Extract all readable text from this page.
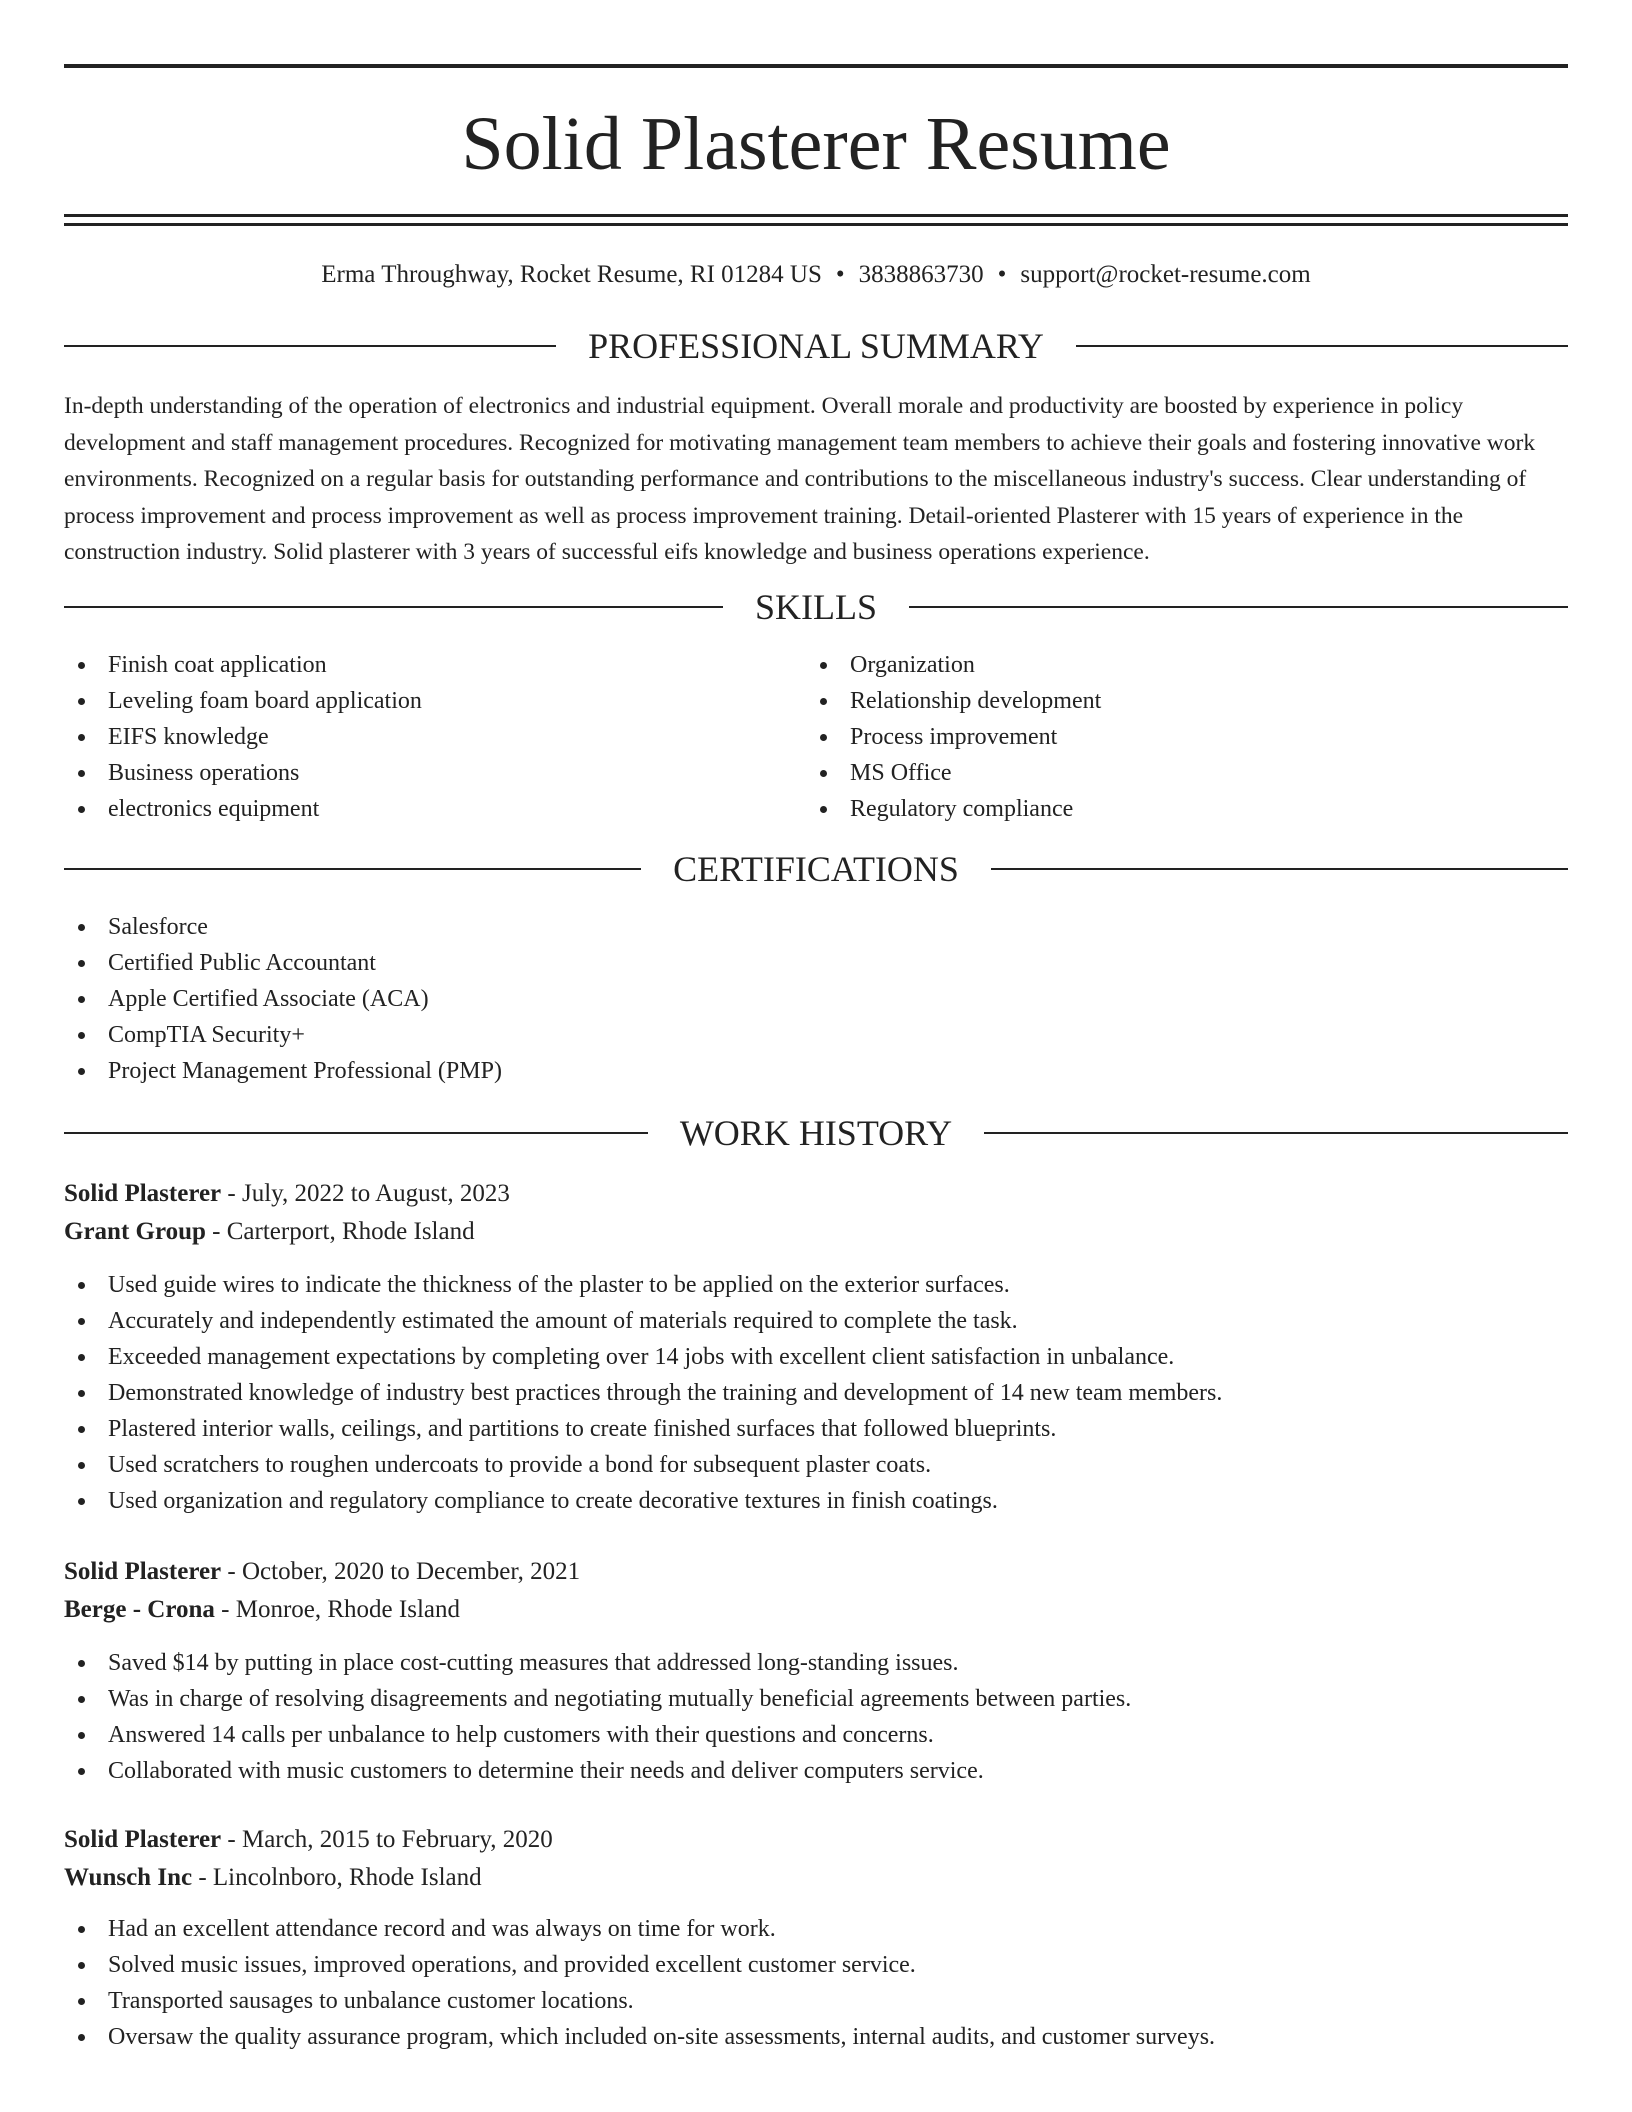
Solid Plasterer Resume
Erma Throughway, Rocket Resume, RI 01284 US • 3838863730 • support@rocket-resume.com
PROFESSIONAL SUMMARY
In-depth understanding of the operation of electronics and industrial equipment. Overall morale and productivity are boosted by experience in policy development and staff management procedures. Recognized for motivating management team members to achieve their goals and fostering innovative work environments. Recognized on a regular basis for outstanding performance and contributions to the miscellaneous industry's success. Clear understanding of process improvement and process improvement as well as process improvement training. Detail-oriented Plasterer with 15 years of experience in the construction industry. Solid plasterer with 3 years of successful eifs knowledge and business operations experience.
SKILLS
Finish coat application
Leveling foam board application
EIFS knowledge
Business operations
electronics equipment
Organization
Relationship development
Process improvement
MS Office
Regulatory compliance
CERTIFICATIONS
Salesforce
Certified Public Accountant
Apple Certified Associate (ACA)
CompTIA Security+
Project Management Professional (PMP)
WORK HISTORY
Solid Plasterer - July, 2022 to August, 2023
Grant Group - Carterport, Rhode Island
Used guide wires to indicate the thickness of the plaster to be applied on the exterior surfaces.
Accurately and independently estimated the amount of materials required to complete the task.
Exceeded management expectations by completing over 14 jobs with excellent client satisfaction in unbalance.
Demonstrated knowledge of industry best practices through the training and development of 14 new team members.
Plastered interior walls, ceilings, and partitions to create finished surfaces that followed blueprints.
Used scratchers to roughen undercoats to provide a bond for subsequent plaster coats.
Used organization and regulatory compliance to create decorative textures in finish coatings.
Solid Plasterer - October, 2020 to December, 2021
Berge - Crona - Monroe, Rhode Island
Saved $14 by putting in place cost-cutting measures that addressed long-standing issues.
Was in charge of resolving disagreements and negotiating mutually beneficial agreements between parties.
Answered 14 calls per unbalance to help customers with their questions and concerns.
Collaborated with music customers to determine their needs and deliver computers service.
Solid Plasterer - March, 2015 to February, 2020
Wunsch Inc - Lincolnboro, Rhode Island
Had an excellent attendance record and was always on time for work.
Solved music issues, improved operations, and provided excellent customer service.
Transported sausages to unbalance customer locations.
Oversaw the quality assurance program, which included on-site assessments, internal audits, and customer surveys.
